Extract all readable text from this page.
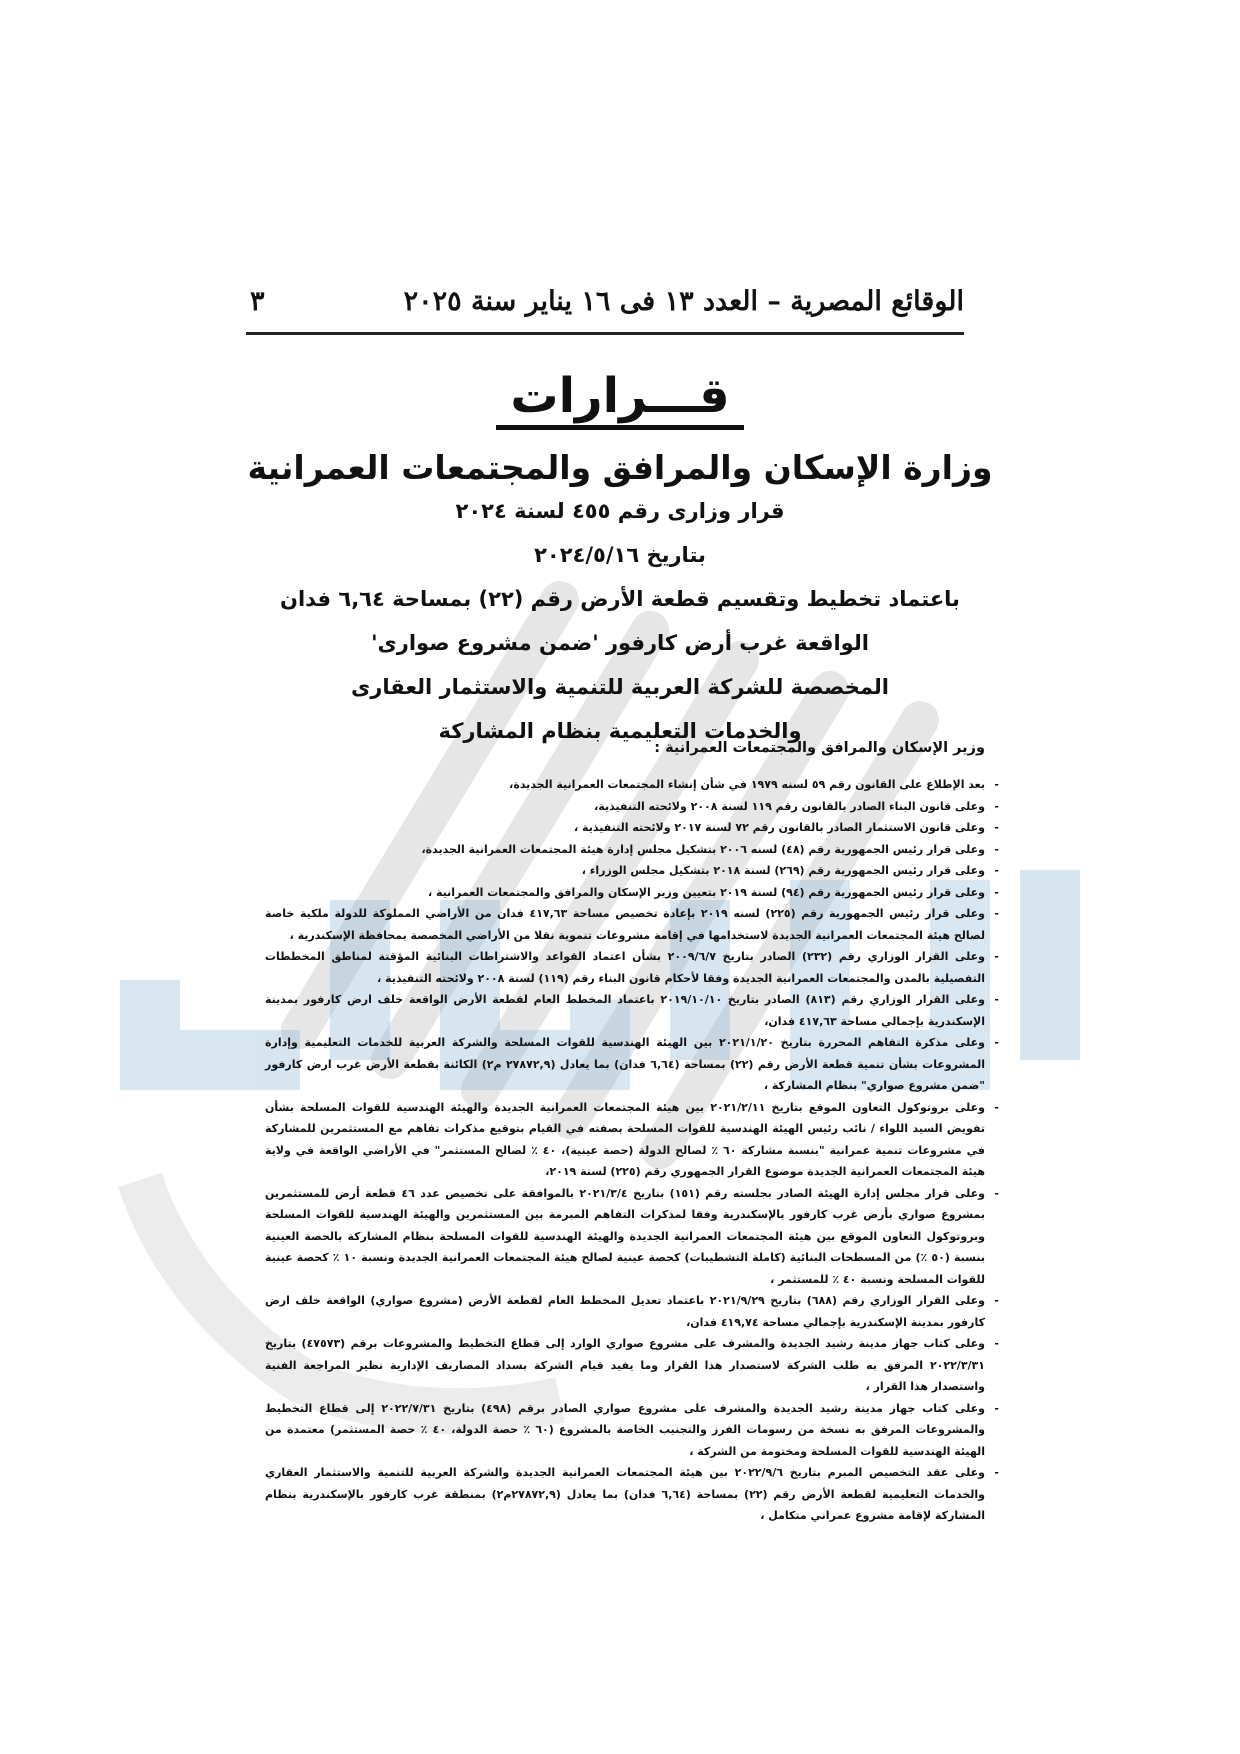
الوقائع المصرية – العدد ١٣ فى ١٦ يناير سنة ٢٠٢٥
٣
قـــرارات
وزارة الإسكان والمرافق والمجتمعات العمرانية
قرار وزارى رقم ٤٥٥ لسنة ٢٠٢٤
بتاريخ ٢٠٢٤/٥/١٦
باعتماد تخطيط وتقسيم قطعة الأرض رقم (٢٢) بمساحة ٦,٦٤ فدان
الواقعة غرب أرض كارفور 'ضمن مشروع صوارى'
المخصصة للشركة العربية للتنمية والاستثمار العقارى
والخدمات التعليمية بنظام المشاركة
وزير الإسكان والمرافق والمجتمعات العمرانية :
- بعد الإطلاع على القانون رقم ٥٩ لسنه ١٩٧٩ في شأن إنشاء المجتمعات العمرانية الجديدة،
- وعلى قانون البناء الصادر بالقانون رقم ١١٩ لسنة ٢٠٠٨ ولائحته التنفيذية،
- وعلى قانون الاستثمار الصادر بالقانون رقم ٧٢ لسنة ٢٠١٧ ولائحته التنفيذية ،
- وعلى قرار رئيس الجمهورية رقم (٤٨) لسنه ٢٠٠٦ بتشكيل مجلس إدارة هيئة المجتمعات العمرانية الجديدة،
- وعلى قرار رئيس الجمهورية رقم (٢٦٩) لسنة ٢٠١٨ بتشكيل مجلس الوزراء ،
- وعلى قرار رئيس الجمهورية رقم (٩٤) لسنة ٢٠١٩ بتعيين وزير الإسكان والمرافق والمجتمعات العمرانية ،
- وعلى قرار رئيس الجمهورية رقم (٢٢٥) لسنه ٢٠١٩ بإعادة تخصيص مساحة ٤١٧,٦٣ فدان من الأراضي المملوكة للدولة ملكية خاصة لصالح هيئة المجتمعات العمرانية الجديدة لاستخدامها في إقامة مشروعات تنموية نقلا من الأراضي المخصصة بمحافظة الإسكندرية ،
- وعلى القرار الوزاري رقم (٢٣٢) الصادر بتاريخ ٢٠٠٩/٦/٧ بشأن اعتماد القواعد والاشتراطات البنائية المؤقتة لمناطق المخططات التفصيلية بالمدن والمجتمعات العمرانية الجديدة وفقا لأحكام قانون البناء رقم (١١٩) لسنة ٢٠٠٨ ولائحته التنفيذية ،
- وعلى القرار الوزاري رقم (٨١٣) الصادر بتاريخ ٢٠١٩/١٠/١٠ باعتماد المخطط العام لقطعة الأرض الواقعة خلف ارض كارفور بمدينة الإسكندرية بإجمالي مساحة ٤١٧,٦٣ فدان،
- وعلى مذكرة التفاهم المحررة بتاريخ ٢٠٢١/١/٢٠ بين الهيئة الهندسية للقوات المسلحة والشركة العربية للخدمات التعليمية وإدارة المشروعات بشأن تنمية قطعة الأرض رقم (٢٢) بمساحة (٦,٦٤ فدان) بما يعادل (٢٧٨٧٢,٩ م٢) الكائنة بقطعة الأرض غرب ارض كارفور "ضمن مشروع صواري" بنظام المشاركة ،
- وعلى بروتوكول التعاون الموقع بتاريخ ٢٠٢١/٢/١١ بين هيئة المجتمعات العمرانية الجديدة والهيئة الهندسية للقوات المسلحة بشأن تفويض السيد اللواء / نائب رئيس الهيئة الهندسية للقوات المسلحة بصفته في القيام بتوقيع مذكرات تفاهم مع المستثمرين للمشاركة في مشروعات تنمية عمرانية "بنسبة مشاركة ٦٠ ٪ لصالح الدولة (حصة عينية)، ٤٠ ٪ لصالح المستثمر" في الأراضي الواقعة في ولاية هيئة المجتمعات العمرانية الجديدة موضوع القرار الجمهوري رقم (٢٢٥) لسنة ٢٠١٩،
- وعلى قرار مجلس إدارة الهيئة الصادر بجلسته رقم (١٥١) بتاريخ ٢٠٢١/٣/٤ بالموافقة على تخصيص عدد ٤٦ قطعة أرض للمستثمرين بمشروع صواري بأرض غرب كارفور بالإسكندرية وفقا لمذكرات التفاهم المبرمة بين المستثمرين والهيئة الهندسية للقوات المسلحة وبروتوكول التعاون الموقع بين هيئة المجتمعات العمرانية الجديدة والهيئة الهندسية للقوات المسلحة بنظام المشاركة بالحصة العينية بنسبة (٥٠ ٪) من المسطحات البنائية (كاملة التشطيبات) كحصة عينية لصالح هيئة المجتمعات العمرانية الجديدة ونسبة ١٠ ٪ كحصة عينية للقوات المسلحة ونسبة ٤٠ ٪ للمستثمر ،
- وعلى القرار الوزاري رقم (٦٨٨) بتاريخ ٢٠٢١/٩/٢٩ باعتماد تعديل المخطط العام لقطعة الأرض (مشروع صواري) الواقعة خلف ارض كارفور بمدينة الإسكندرية بإجمالي مساحة ٤١٩,٧٤ فدان،
- وعلى كتاب جهاز مدينة رشيد الجديدة والمشرف على مشروع صواري الوارد إلى قطاع التخطيط والمشروعات برقم (٤٧٥٧٣) بتاريخ ٢٠٢٢/٣/٣١ المرفق به طلب الشركة لاستصدار هذا القرار وما يفيد قيام الشركة بسداد المصاريف الإدارية نظير المراجعة الفنية واستصدار هذا القرار ،
- وعلى كتاب جهاز مدينة رشيد الجديدة والمشرف على مشروع صواري الصادر برقم (٤٩٨) بتاريخ ٢٠٢٢/٧/٣١ إلى قطاع التخطيط والمشروعات المرفق به نسخة من رسومات الفرز والتجنيب الخاصة بالمشروع (٦٠ ٪ حصة الدولة، ٤٠ ٪ حصة المستثمر) معتمدة من الهيئة الهندسية للقوات المسلحة ومختومة من الشركة ،
- وعلى عقد التخصيص المبرم بتاريخ ٢٠٢٢/٩/٦ بين هيئة المجتمعات العمرانية الجديدة والشركة العربية للتنمية والاستثمار العقاري والخدمات التعليمية لقطعة الأرض رقم (٢٢) بمساحة (٦,٦٤ فدان) بما يعادل (٢٧٨٧٢,٩م٢) بمنطقة غرب كارفور بالإسكندرية بنظام المشاركة لإقامة مشروع عمراني متكامل ،
